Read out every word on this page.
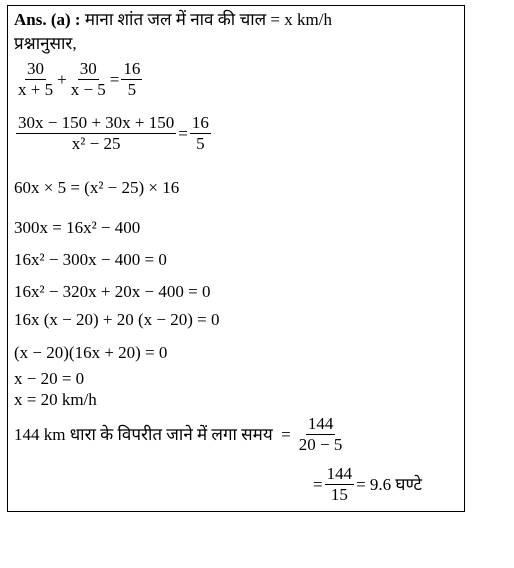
Ans. (a) : माना शांत जल में नाव की चाल = x km/h
प्रश्नानुसार,
$\frac{30}{x + 5} + \frac{30}{x - 5} = \frac{16}{5}$
$\frac{30x - 150 + 30x + 150}{\text{x² − 25}} = \frac{16}{5}$
60x × 5 = (x² − 25) × 16
300x = 16x² − 400
16x² − 300x − 400 = 0
16x² − 320x + 20x − 400 = 0
16x (x − 20) + 20 (x − 20) = 0
(x − 20)(16x + 20) = 0
x − 20 = 0
x = 20 km/h
144 km धारा के विपरीत जाने में लगा समय  = $\frac{144}{20 - 5}$
= $\frac{144}{15} = 9.6$ घण्टे
